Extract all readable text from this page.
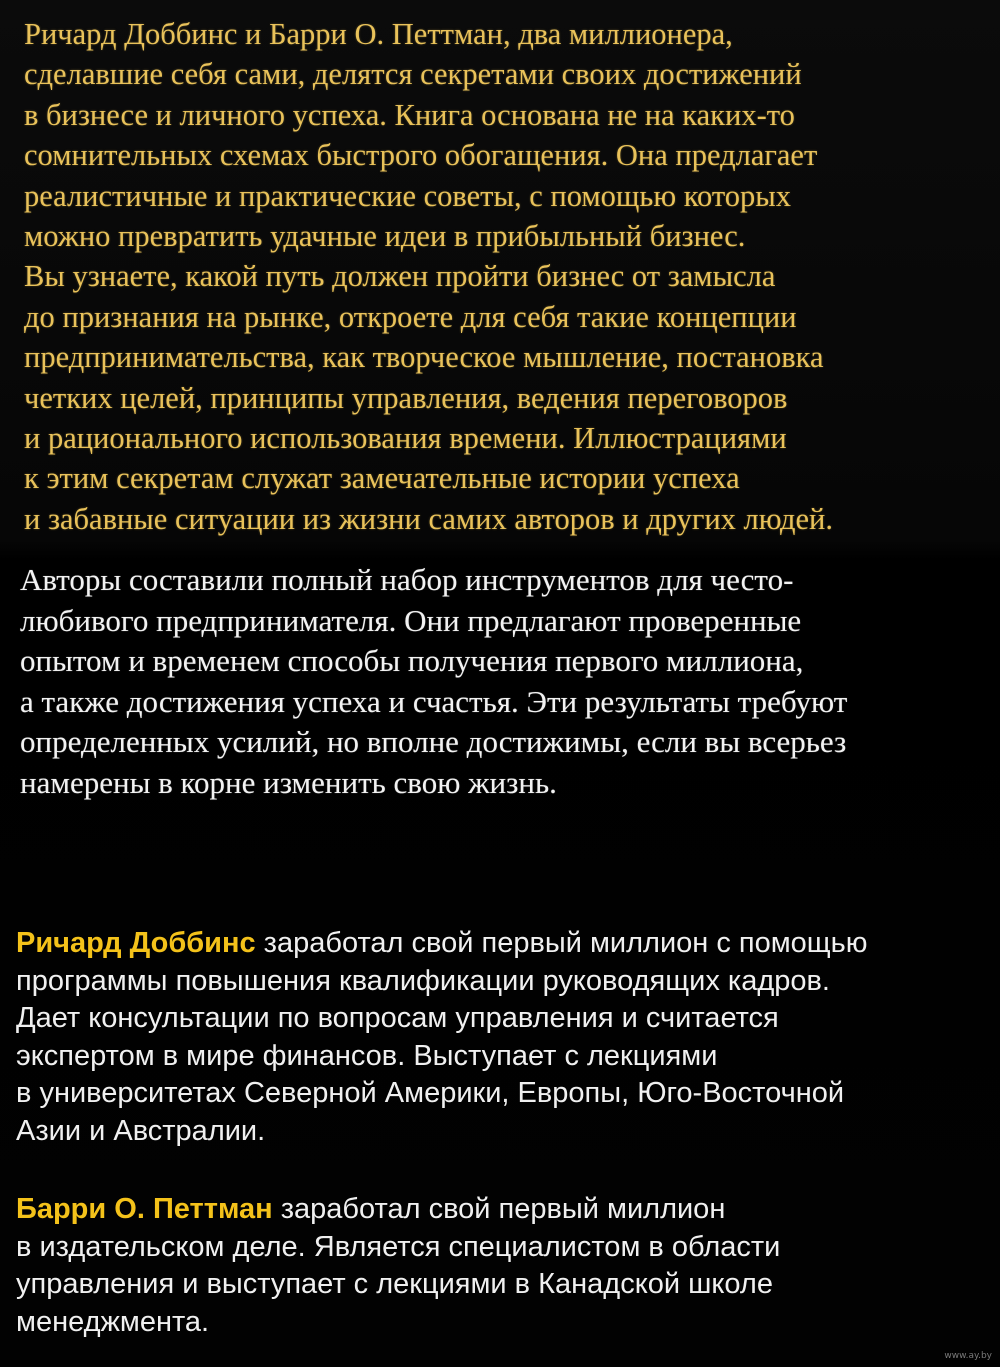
Ричард Доббинс и Барри О. Петтман, два миллионера,
сделавшие себя сами, делятся секретами своих достижений
в бизнесе и личного успеха. Книга основана не на каких-то
сомнительных схемах быстрого обогащения. Она предлагает
реалистичные и практические советы, с помощью которых
можно превратить удачные идеи в прибыльный бизнес.
Вы узнаете, какой путь должен пройти бизнес от замысла
до признания на рынке, откроете для себя такие концепции
предпринимательства, как творческое мышление, постановка
четких целей, принципы управления, ведения переговоров
и рационального использования времени. Иллюстрациями
к этим секретам служат замечательные истории успеха
и забавные ситуации из жизни самих авторов и других людей.
Авторы составили полный набор инструментов для често-
любивого предпринимателя. Они предлагают проверенные
опытом и временем способы получения первого миллиона,
а также достижения успеха и счастья. Эти результаты требуют
определенных усилий, но вполне достижимы, если вы всерьез
намерены в корне изменить свою жизнь.
Ричард Доббинс заработал свой первый миллион с помощью
программы повышения квалификации руководящих кадров.
Дает консультации по вопросам управления и считается
экспертом в мире финансов. Выступает с лекциями
в университетах Северной Америки, Европы, Юго-Восточной
Азии и Австралии.
Барри О. Петтман заработал свой первый миллион
в издательском деле. Является специалистом в области
управления и выступает с лекциями в Канадской школе
менеджмента.
www.ay.by
